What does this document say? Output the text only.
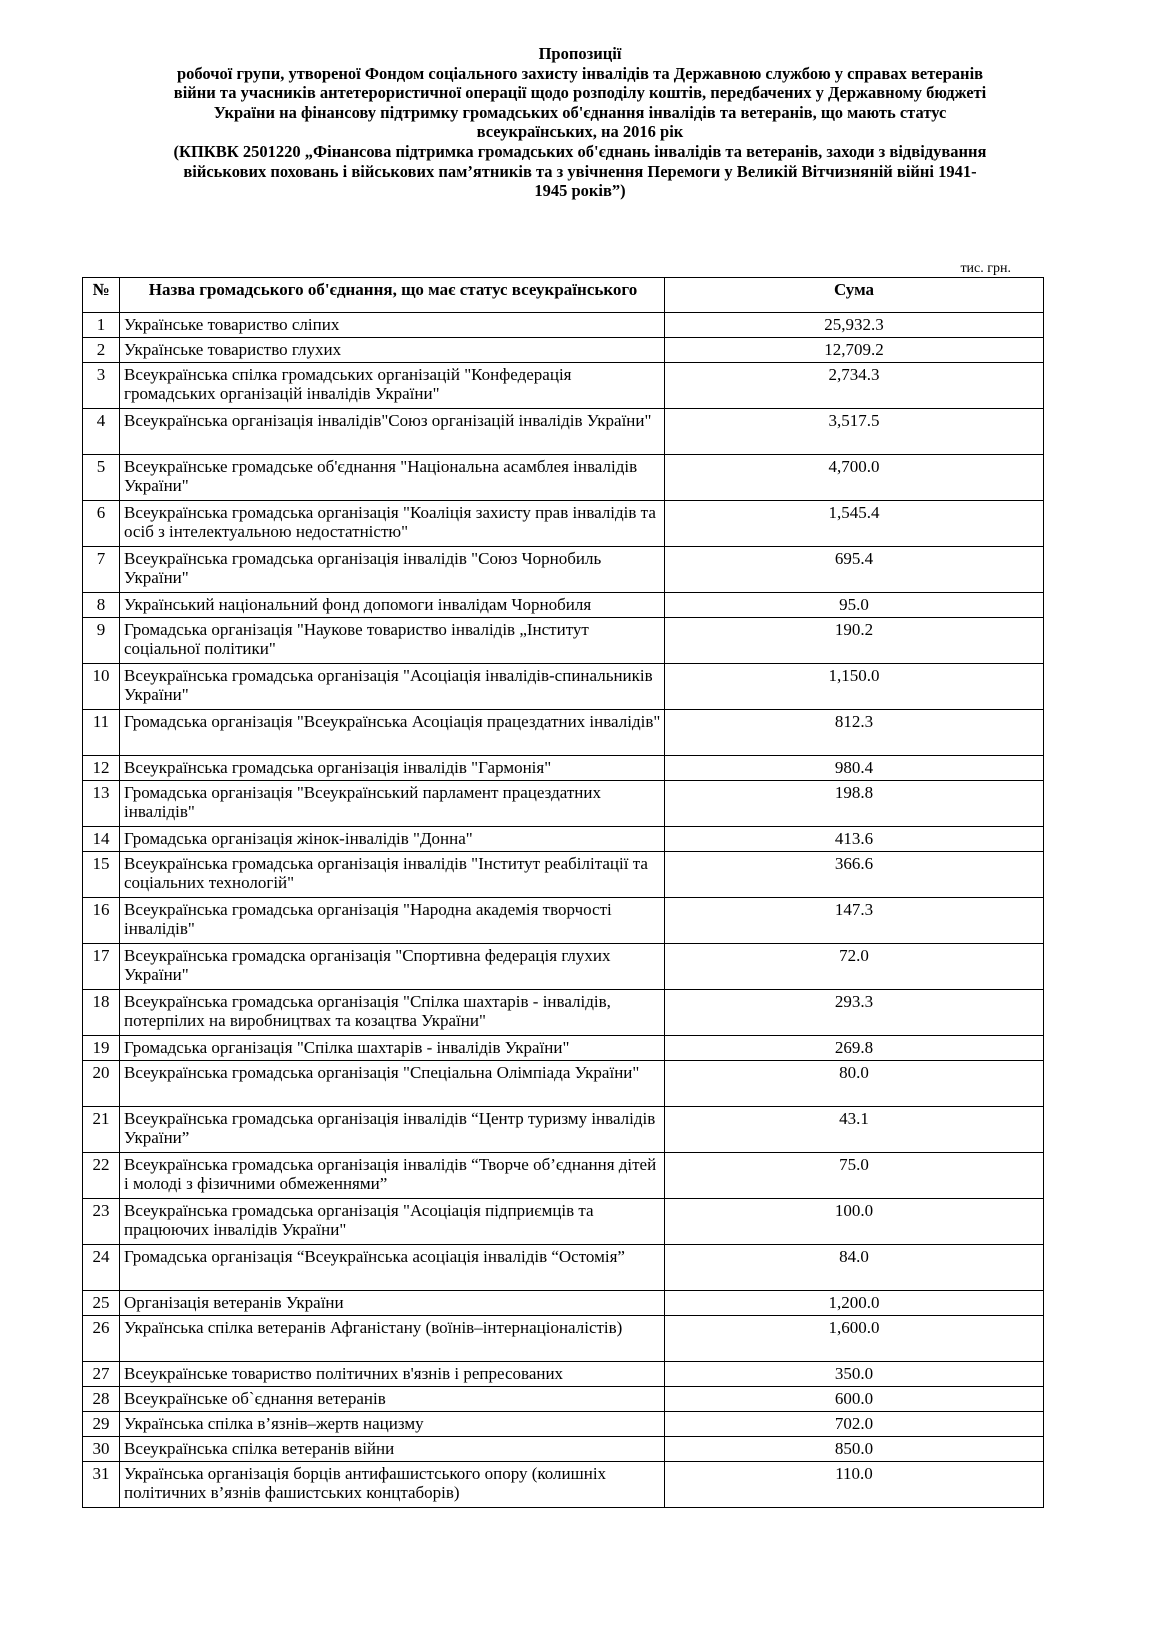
Пропозиції
робочої групи, утвореної Фондом соціального захисту інвалідів та Державною службою у справах ветеранів
війни та учасників антетерористичної операції щодо розподілу коштів, передбачених у Державному бюджеті
України на фінансову підтримку громадських об'єднання інвалідів та ветеранів, що мають статус
всеукраїнських, на 2016 рік
(КПКВК 2501220 „Фінансова підтримка громадських об'єднань інвалідів та ветеранів, заходи з відвідування
військових поховань і військових пам’ятників та з увічнення Перемоги у Великій Вітчизняній війні 1941-
1945 років”)
тис. грн.
№	Назва громадського об'єднання, що має статус всеукраїнського	Сума
1	Українське товариство сліпих	25,932.3
2	Українське товариство глухих	12,709.2
3	Всеукраїнська спілка громадських організацій "Конфедерація громадських організацій інвалідів України"	2,734.3
4	Всеукраїнська організація інвалідів"Союз організацій інвалідів України"	3,517.5
5	Всеукраїнське громадське об'єднання "Національна асамблея інвалідів України"	4,700.0
6	Всеукраїнська громадська організація "Коаліція захисту прав інвалідів та осіб з інтелектуальною недостатністю"	1,545.4
7	Всеукраїнська громадська організація інвалідів "Союз Чорнобиль України"	695.4
8	Український національний фонд допомоги інвалідам Чорнобиля	95.0
9	Громадська організація "Наукове товариство інвалідів „Інститут соціальної політики"	190.2
10	Всеукраїнська громадська організація "Асоціація інвалідів-спинальників України"	1,150.0
11	Громадська організація "Всеукраїнська Асоціація працездатних інвалідів"	812.3
12	Всеукраїнська громадська організація інвалідів "Гармонія"	980.4
13	Громадська організація "Всеукраїнський парламент працездатних інвалідів"	198.8
14	Громадська організація жінок-інвалідів "Донна"	413.6
15	Всеукраїнська громадська організація інвалідів "Інститут реабілітації та соціальних технологій"	366.6
16	Всеукраїнська громадська організація "Народна академія творчості інвалідів"	147.3
17	Всеукраїнська громадска організація "Спортивна федерація глухих України"	72.0
18	Всеукраїнська громадська організація "Спілка шахтарів - інвалідів, потерпілих на виробництвах та козацтва України"	293.3
19	Громадська організація "Спілка шахтарів - інвалідів України"	269.8
20	Всеукраїнська громадська організація "Спеціальна Олімпіада України"	80.0
21	Всеукраїнська громадська організація інвалідів “Центр туризму інвалідів України”	43.1
22	Всеукраїнська громадська організація інвалідів “Творче об’єднання дітей і молоді з фізичними обмеженнями”	75.0
23	Всеукраїнська громадська організація "Асоціація підприємців та працюючих інвалідів України"	100.0
24	Громадська організація “Всеукраїнська асоціація інвалідів “Остомія”	84.0
25	Організація ветеранів України	1,200.0
26	Українська спілка ветеранів Афганістану (воїнів–інтернаціоналістів)	1,600.0
27	Всеукраїнське товариство політичних в'язнів і репресованих	350.0
28	Всеукраїнське об`єднання ветеранів	600.0
29	Українська спілка в’язнів–жертв нацизму	702.0
30	Всеукраїнська спілка ветеранів війни	850.0
31	Українська організація борців антифашистського опору (колишніх політичних в’язнів фашистських концтаборів)	110.0
